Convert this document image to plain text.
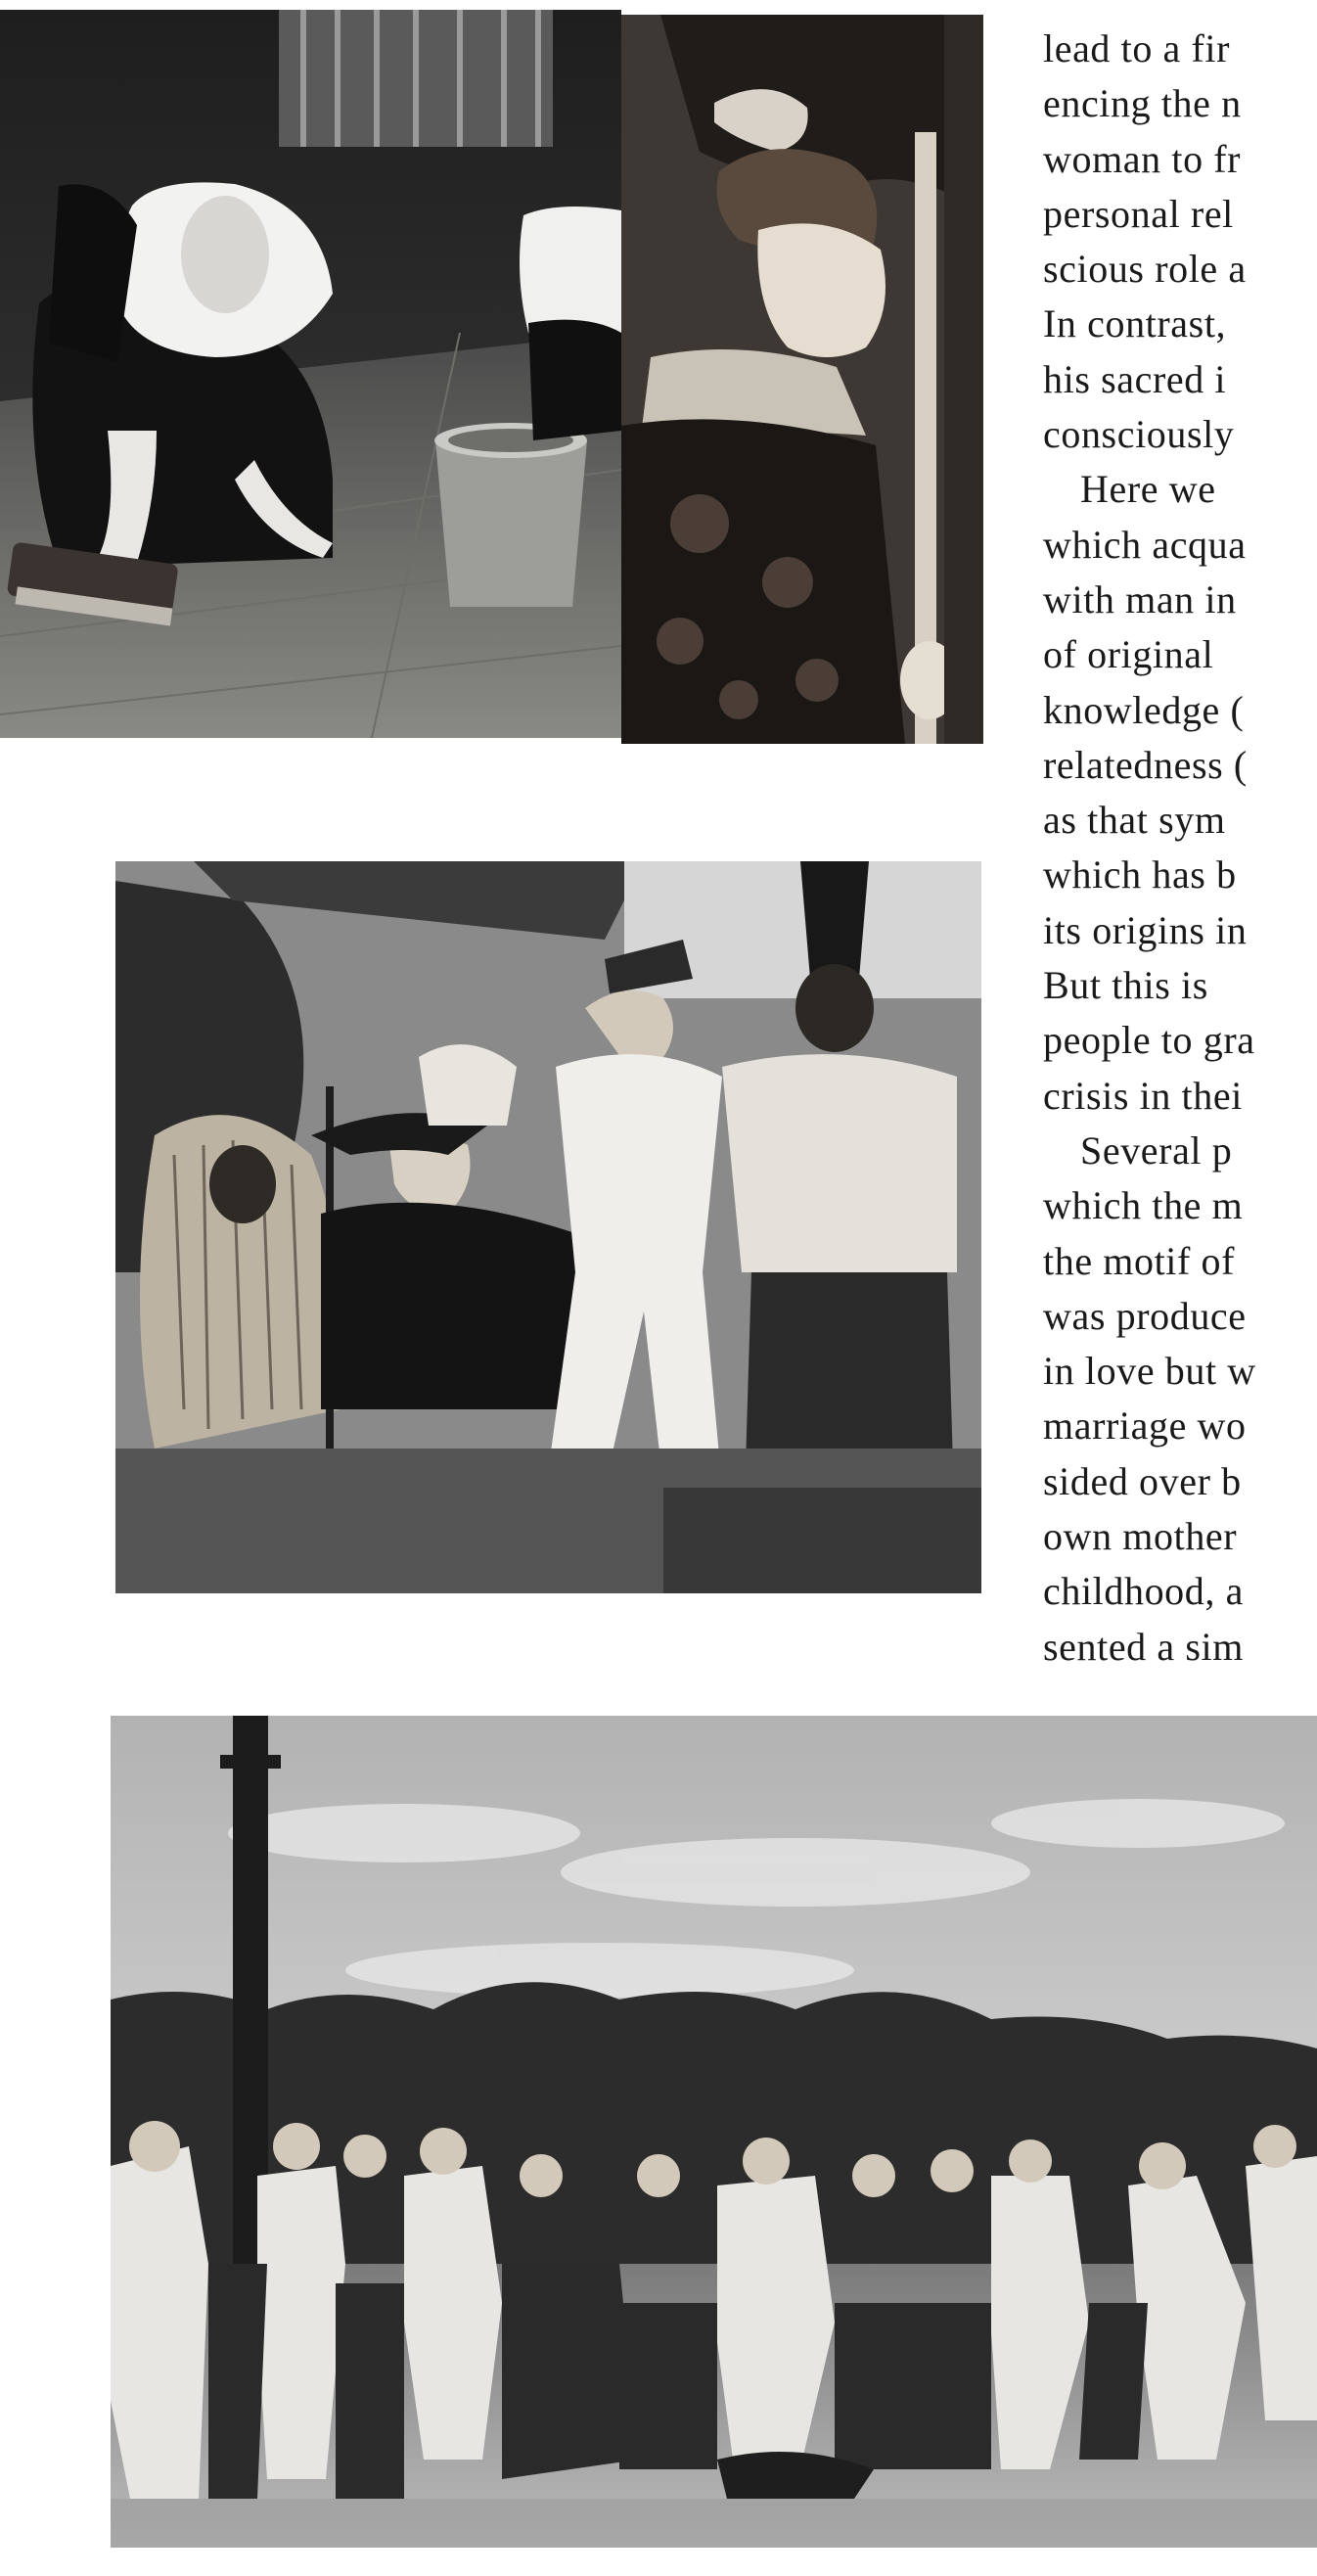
lead to a fir
encing the n
woman to fr
personal rel
scious role a
In contrast,
his sacred i
consciously
Here we
which acqua
with man in
of original
knowledge (
relatedness (
as that sym
which has b
its origins in
But this is
people to gra
crisis in thei
Several p
which the m
the motif of
was produce
in love but w
marriage wo
sided over b
own mother
childhood, a
sented a sim
